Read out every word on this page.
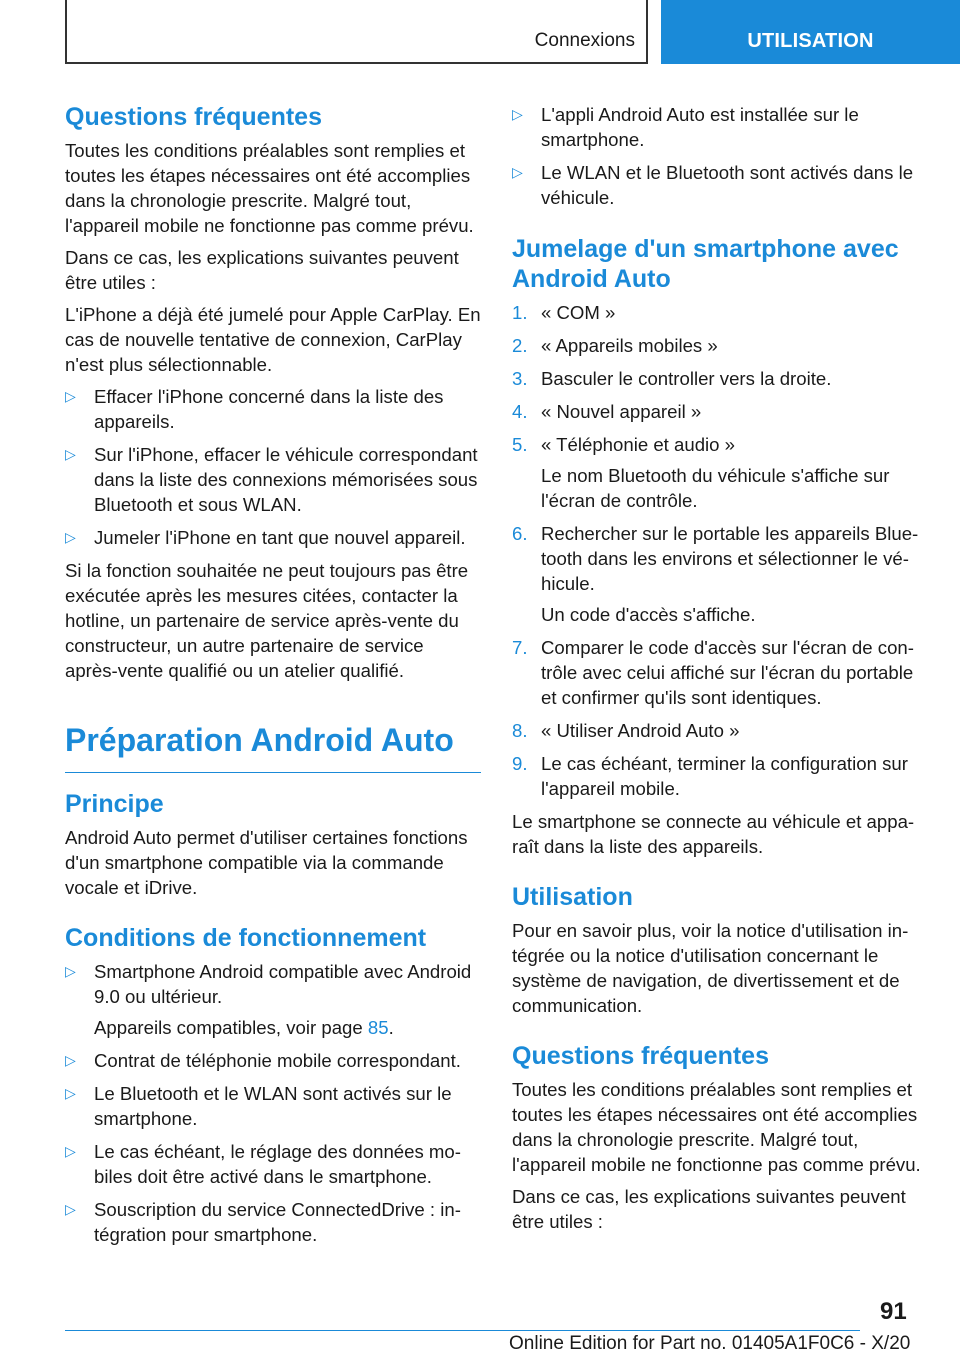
Connexions	UTILISATION
Questions fréquentes

Toutes les conditions préalables sont remplies et toutes les étapes nécessaires ont été accomplies dans la chronologie prescrite. Malgré tout, l'appareil mobile ne fonctionne pas comme prévu.

Dans ce cas, les explications suivantes peuvent être utiles :

L'iPhone a déjà été jumelé pour Apple CarPlay. En cas de nouvelle tentative de connexion, CarPlay n'est plus sélectionnable.

▷ Effacer l'iPhone concerné dans la liste des appareils.
▷ Sur l'iPhone, effacer le véhicule correspondant dans la liste des connexions mémorisées sous Bluetooth et sous WLAN.
▷ Jumeler l'iPhone en tant que nouvel appareil.

Si la fonction souhaitée ne peut toujours pas être exécutée après les mesures citées, contacter la hotline, un partenaire de service après-vente du constructeur, un autre partenaire de service après-vente qualifié ou un atelier qualifié.

Préparation Android Auto
Principe

Android Auto permet d'utiliser certaines fonctions d'un smartphone compatible via la commande vocale et iDrive.

Conditions de fonctionnement
▷ Smartphone Android compatible avec Android 9.0 ou ultérieur.
Appareils compatibles, voir page 85.
▷ Contrat de téléphonie mobile correspondant.
▷ Le Bluetooth et le WLAN sont activés sur le smartphone.
▷ Le cas échéant, le réglage des données mobiles doit être activé dans le smartphone.
▷ Souscription du service ConnectedDrive : intégration pour smartphone.
▷ L'appli Android Auto est installée sur le smartphone.
▷ Le WLAN et le Bluetooth sont activés dans le véhicule.
Jumelage d'un smartphone avec Android Auto
1. « COM »
2. « Appareils mobiles »
3. Basculer le controller vers la droite.
4. « Nouvel appareil »
5. « Téléphonie et audio »
Le nom Bluetooth du véhicule s'affiche sur l'écran de contrôle.
6. Rechercher sur le portable les appareils Bluetooth dans les environs et sélectionner le véhicule.
Un code d'accès s'affiche.
7. Comparer le code d'accès sur l'écran de contrôle avec celui affiché sur l'écran du portable et confirmer qu'ils sont identiques.
8. « Utiliser Android Auto »
9. Le cas échéant, terminer la configuration sur l'appareil mobile.

Le smartphone se connecte au véhicule et apparaît dans la liste des appareils.

Utilisation

Pour en savoir plus, voir la notice d'utilisation intégrée ou la notice d'utilisation concernant le système de navigation, de divertissement et de communication.

Questions fréquentes

Toutes les conditions préalables sont remplies et toutes les étapes nécessaires ont été accomplies dans la chronologie prescrite. Malgré tout, l'appareil mobile ne fonctionne pas comme prévu.

Dans ce cas, les explications suivantes peuvent être utiles :

91
Online Edition for Part no. 01405A1F0C6 - X/20
